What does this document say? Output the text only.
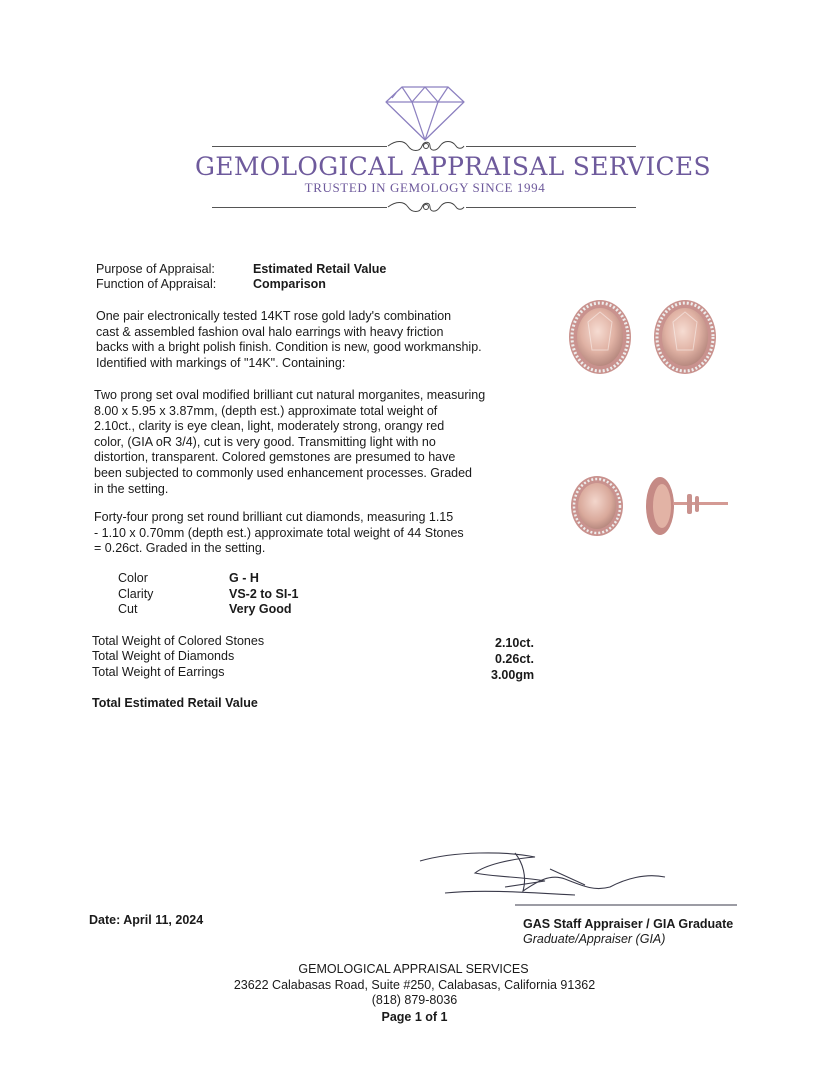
GEMOLOGICAL APPRAISAL SERVICES
TRUSTED IN GEMOLOGY SINCE 1994
Purpose of Appraisal:	Estimated Retail Value
Function of Appraisal:	Comparison
One pair electronically tested 14KT rose gold lady's combination
cast & assembled fashion oval halo earrings with heavy friction
backs with a bright polish finish. Condition is new, good workmanship.
Identified with markings of "14K". Containing:
Two prong set oval modified brilliant cut natural morganites, measuring
8.00 x 5.95 x 3.87mm, (depth est.) approximate total weight of
2.10ct., clarity is eye clean, light, moderately strong, orangy red
color, (GIA oR 3/4), cut is very good. Transmitting light with no
distortion, transparent. Colored gemstones are presumed to have
been subjected to commonly used enhancement processes. Graded
in the setting.
Forty-four prong set round brilliant cut diamonds, measuring 1.15
- 1.10 x 0.70mm (depth est.) approximate total weight of 44 Stones
= 0.26ct. Graded in the setting.
Color	G - H
Clarity	VS-2 to SI-1
Cut	Very Good
Total Weight of Colored Stones	2.10ct.
Total Weight of Diamonds	0.26ct.
Total Weight of Earrings	3.00gm
Total Estimated Retail Value
Date: April 11, 2024	GAS Staff Appraiser / GIA Graduate
Graduate/Appraiser (GIA)
GEMOLOGICAL APPRAISAL SERVICES
23622 Calabasas Road, Suite #250, Calabasas, California 91362
(818) 879-8036
Page 1 of 1
